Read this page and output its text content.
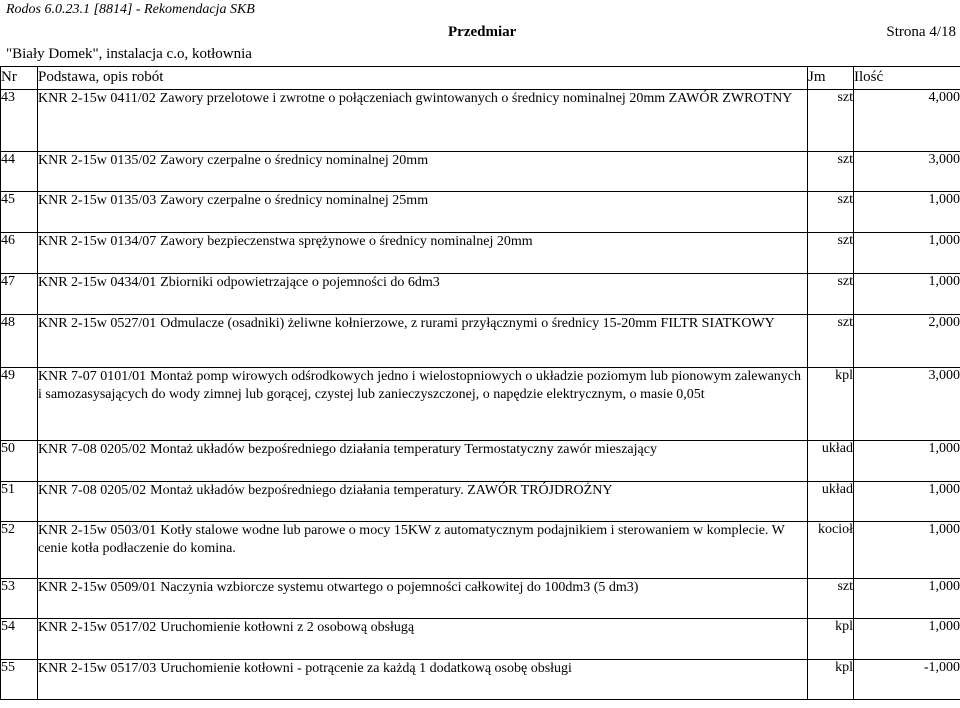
Rodos 6.0.23.1 [8814] - Rekomendacja SKB
Przedmiar	Strona 4/18
"Biały Domek", instalacja c.o, kotłownia
Nr	Podstawa, opis robót	Jm	Ilość
43	KNR 2-15w 0411/02 Zawory przelotowe i zwrotne o połączeniach gwintowanych o średnicy nominalnej 20mm ZAWÓR ZWROTNY	szt	4,000
44	KNR 2-15w 0135/02 Zawory czerpalne o średnicy nominalnej 20mm	szt	3,000
45	KNR 2-15w 0135/03 Zawory czerpalne o średnicy nominalnej 25mm	szt	1,000
46	KNR 2-15w 0134/07 Zawory bezpieczenstwa sprężynowe o średnicy nominalnej 20mm	szt	1,000
47	KNR 2-15w 0434/01 Zbiorniki odpowietrzające o pojemności do 6dm3	szt	1,000
48	KNR 2-15w 0527/01 Odmulacze (osadniki) żeliwne kołnierzowe, z rurami przyłącznymi o średnicy 15-20mm FILTR SIATKOWY	szt	2,000
49	KNR 7-07 0101/01 Montaż pomp wirowych odśrodkowych jedno i wielostopniowych o układzie poziomym lub pionowym zalewanych i samozasysających do wody zimnej lub gorącej, czystej lub zanieczyszczonej, o napędzie elektrycznym, o masie 0,05t	kpl	3,000
50	KNR 7-08 0205/02 Montaż układów bezpośredniego działania temperatury Termostatyczny zawór mieszający	układ	1,000
51	KNR 7-08 0205/02 Montaż układów bezpośredniego działania temperatury. ZAWÓR TRÓJDROŻNY	układ	1,000
52	KNR 2-15w 0503/01 Kotły stalowe wodne lub parowe o mocy 15KW z automatycznym podajnikiem i sterowaniem w komplecie. W cenie kotła podłaczenie do komina.	kocioł	1,000
53	KNR 2-15w 0509/01 Naczynia wzbiorcze systemu otwartego o pojemności całkowitej do 100dm3 (5 dm3)	szt	1,000
54	KNR 2-15w 0517/02 Uruchomienie kotłowni z 2 osobową obsługą	kpl	1,000
55	KNR 2-15w 0517/03 Uruchomienie kotłowni - potrącenie za każdą 1 dodatkową osobę obsługi	kpl	-1,000
